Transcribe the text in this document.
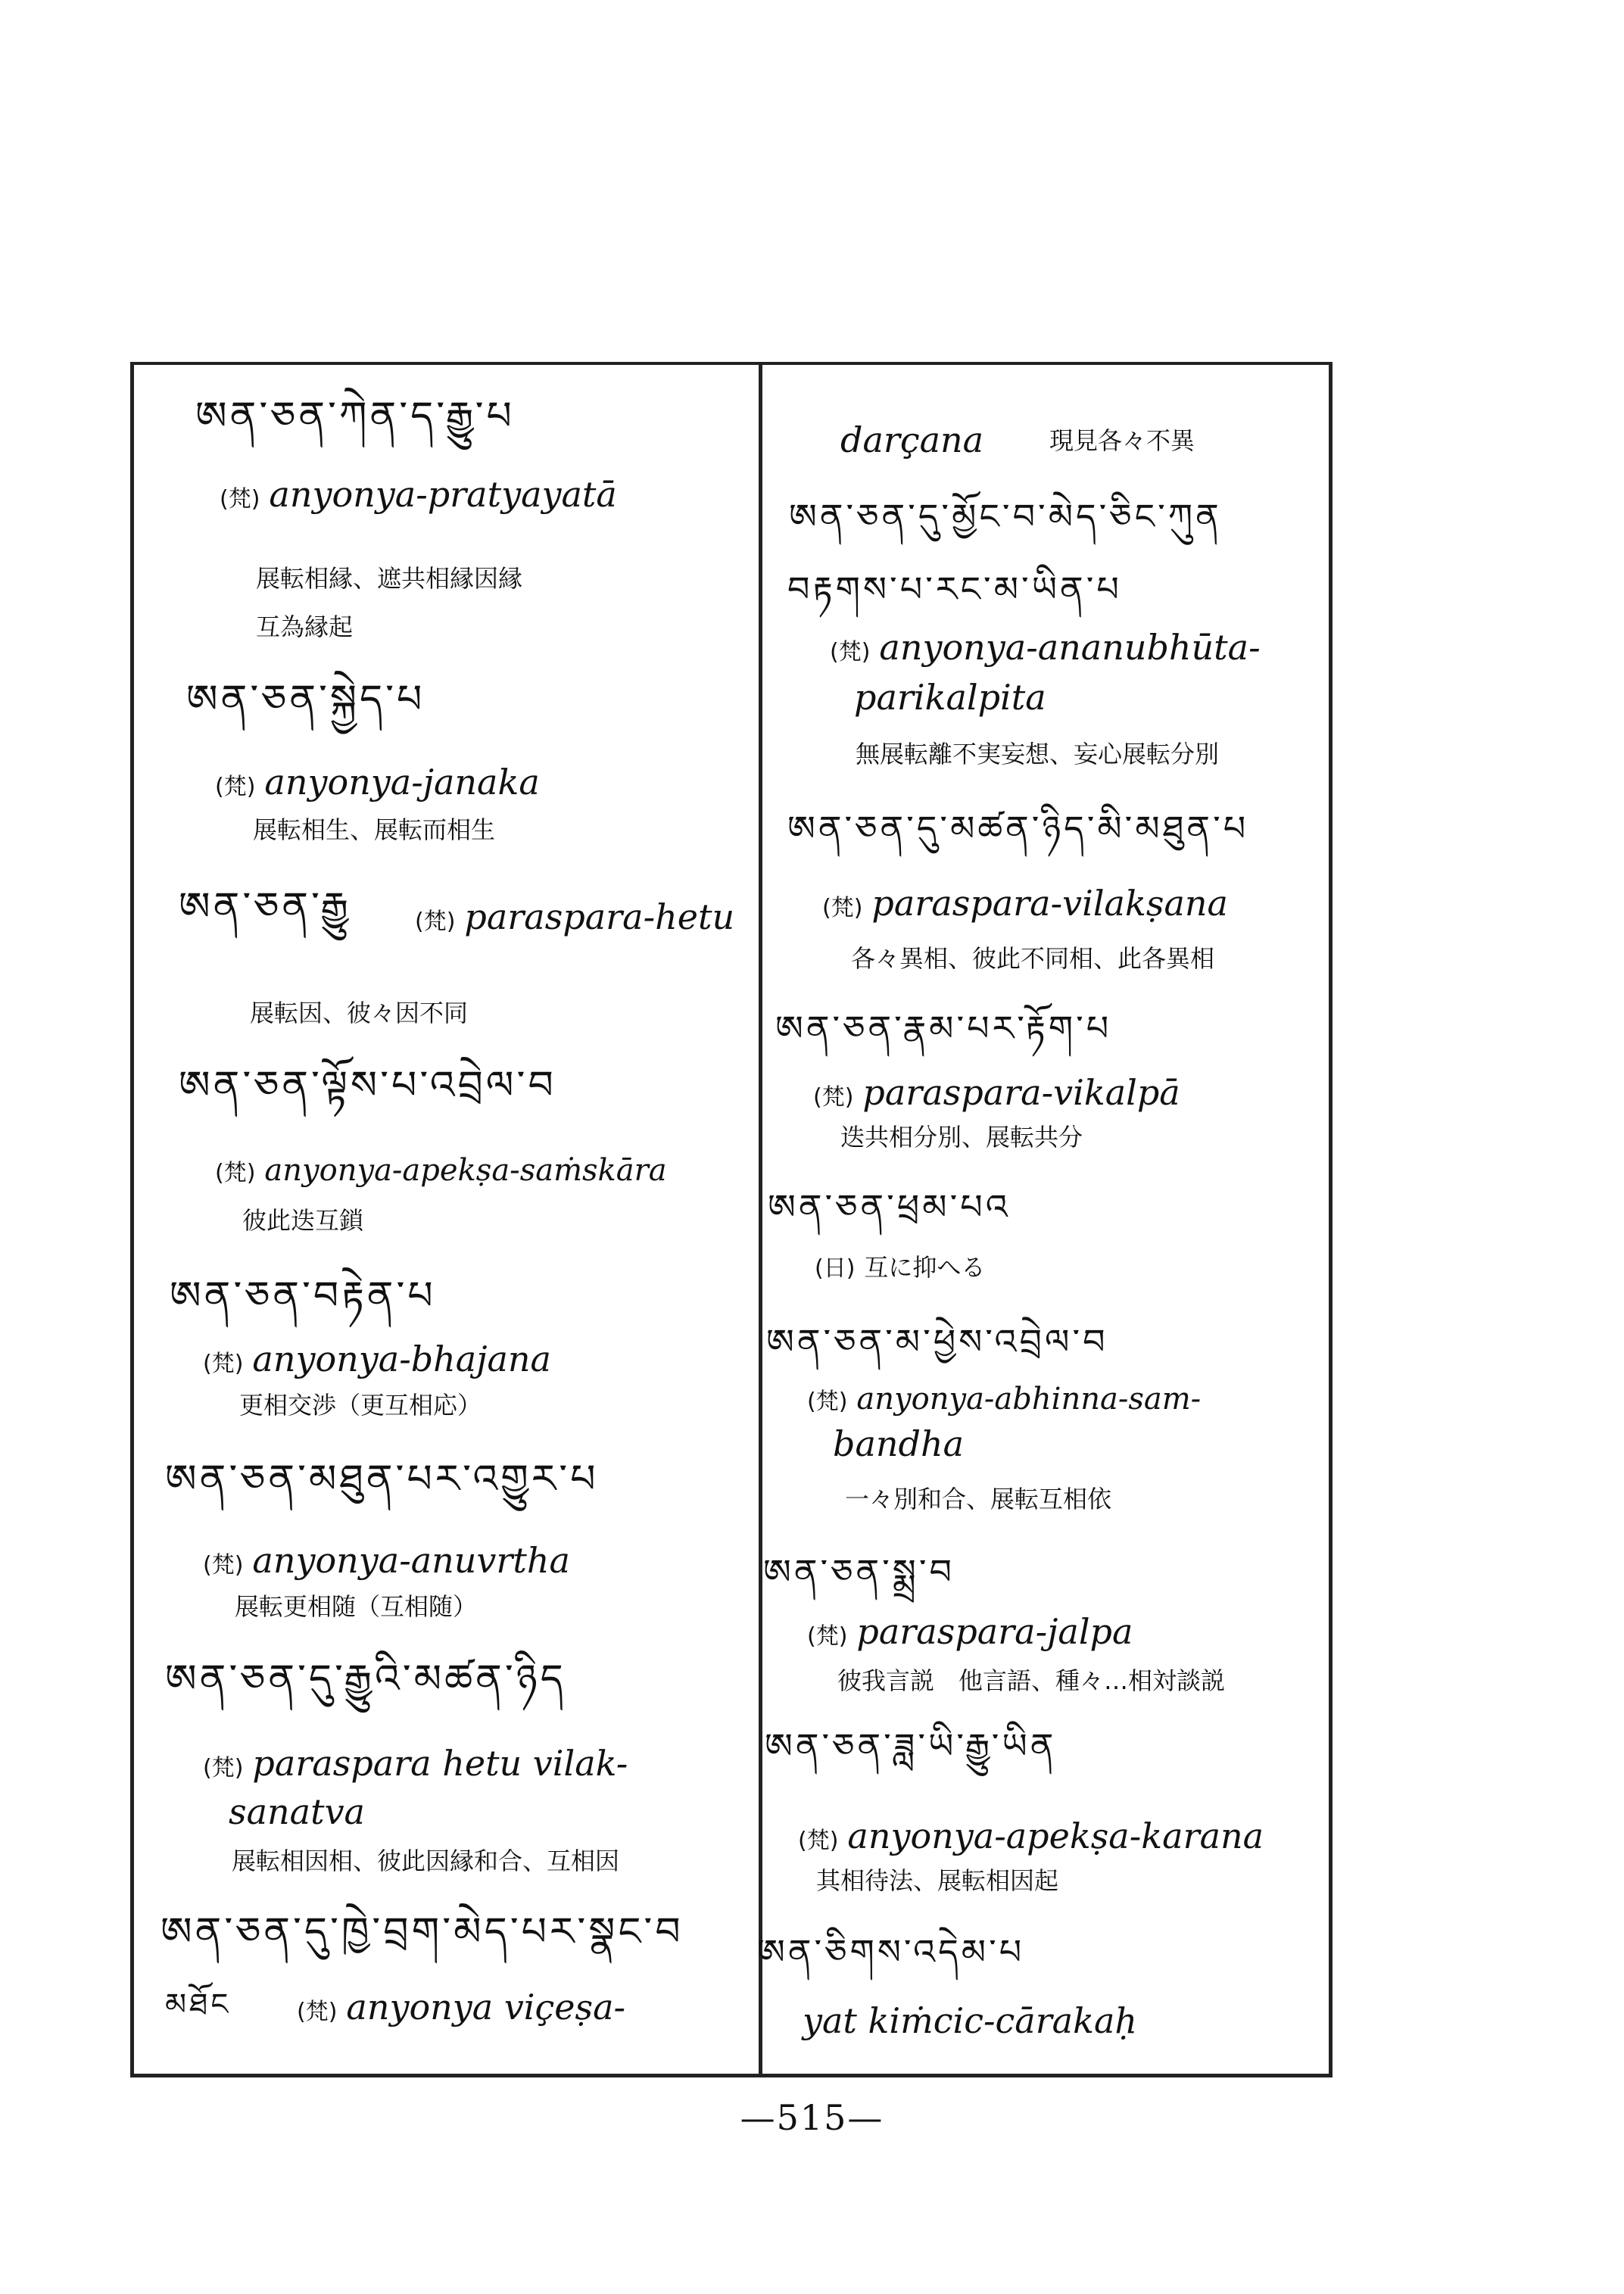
ཨན་ཅན་ཀེན་ད་རྒྱུ་པ
(梵) anyonya-pratyayatā
展転相縁、遮共相縁因縁
互為縁起
ཨན་ཅན་སྐྱེད་པ
(梵) anyonya-janaka
展転相生、展転而相生
ཨན་ཅན་རྒྱུ	(梵) paraspara-hetu
展転因、彼々因不同
ཨན་ཅན་ལྟོས་པ་འབྲེལ་བ
(梵) anyonya-apekṣa-saṁskāra
彼此迭互鎖
ཨན་ཅན་བརྟེན་པ
(梵) anyonya-bhajana
更相交渉（更互相応）
ཨན་ཅན་མཐུན་པར་འགྱུར་པ
(梵) anyonya-anuvrtha
展転更相随（互相随）
ཨན་ཅན་དུ་རྒྱུའི་མཚན་ཉིད
(梵) paraspara hetu vilak-
sanatva
展転相因相、彼此因縁和合、互相因
ཨན་ཅན་དུ་ཁྱེ་བྲག་མེད་པར་སྣང་བ
མཐོང	(梵) anyonya viçeṣa-
darçana	現見各々不異
ཨན་ཅན་དུ་མྱོང་བ་མེད་ཅིང་ཀུན
བརྟགས་པ་རང་མ་ཡིན་པ
(梵) anyonya-ananubhūta-
parikalpita
無展転離不実妄想、妄心展転分別
ཨན་ཅན་དུ་མཚན་ཉིད་མི་མཐུན་པ
(梵) paraspara-vilakṣana
各々異相、彼此不同相、此各異相
ཨན་ཅན་རྣམ་པར་རྟོག་པ
(梵) paraspara-vikalpā
迭共相分別、展転共分
ཨན་ཅན་ཕྲམ་པའ
(日) 互に抑へる
ཨན་ཅན་མ་ཕྱེས་འབྲེལ་བ
(梵) anyonya-abhinna-sam-
bandha
一々別和合、展転互相依
ཨན་ཅན་སྨྲ་བ
(梵) paraspara-jalpa
彼我言説　他言語、種々…相対談説
ཨན་ཅན་ཟླ་ཡི་རྒྱུ་ཡིན
(梵) anyonya-apekṣa-karana
其相待法、展転相因起
ཨན་ཅིགས་འདེམ་པ
yat kiṁcic-cārakaḥ
—515—
